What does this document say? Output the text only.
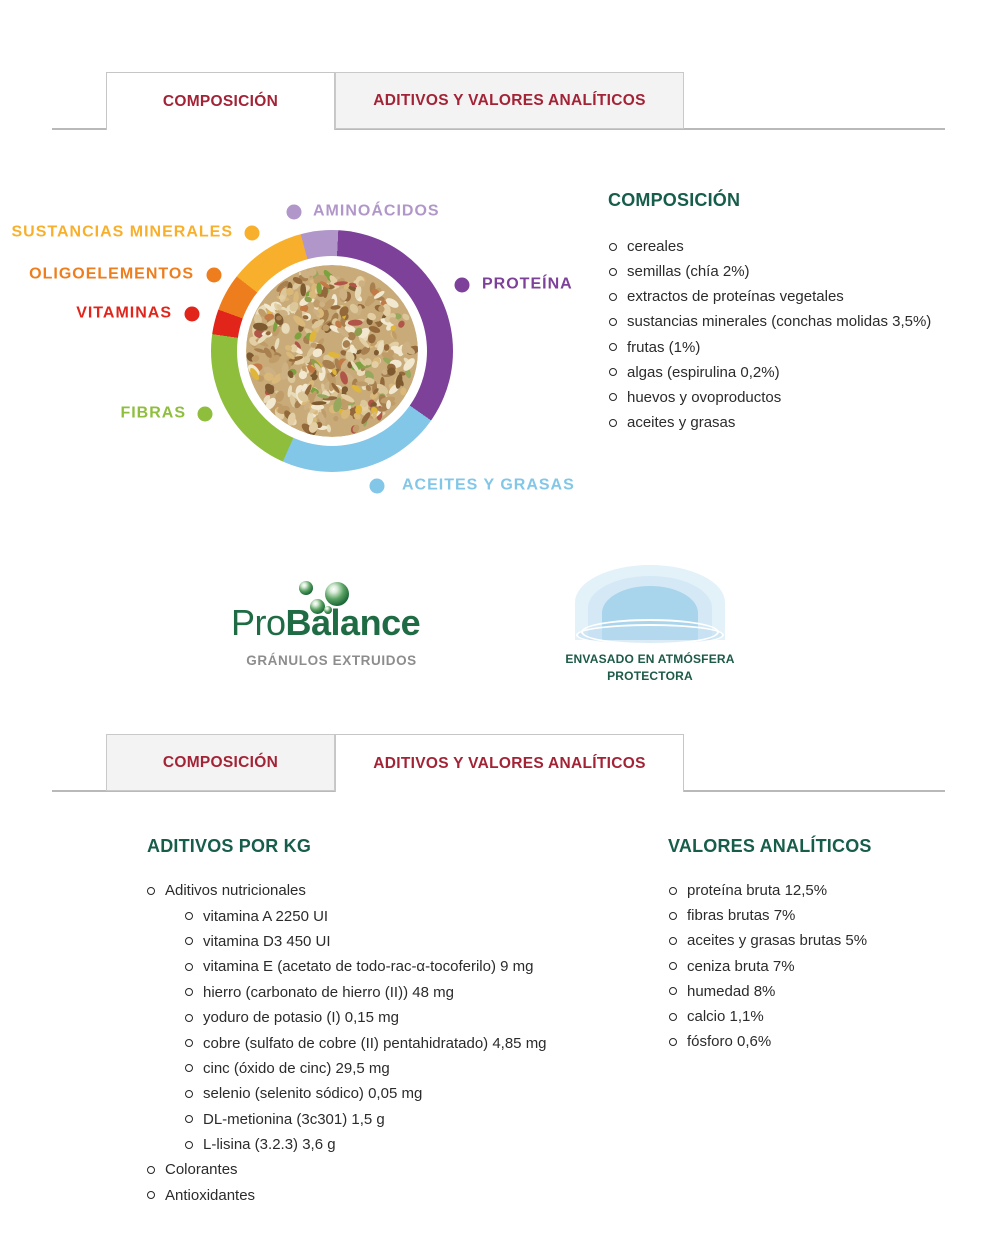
COMPOSICIÓN	ADITIVOS Y VALORES ANALÍTICOS
AMINOÁCIDOS
SUSTANCIAS MINERALES
OLIGOELEMENTOS
VITAMINAS
FIBRAS
PROTEÍNA
ACEITES Y GRASAS
COMPOSICIÓN
cereales
semillas (chía 2%)
extractos de proteínas vegetales
sustancias minerales (conchas molidas 3,5%)
frutas (1%)
algas (espirulina 0,2%)
huevos y ovoproductos
aceites y grasas
ProBalance
GRÁNULOS EXTRUIDOS	ENVASADO EN ATMÓSFERA
PROTECTORA
COMPOSICIÓN	ADITIVOS Y VALORES ANALÍTICOS
ADITIVOS POR KG
Aditivos nutricionales
vitamina A 2250 UI
vitamina D3 450 UI
vitamina E (acetato de todo-rac-α-tocoferilo) 9 mg
hierro (carbonato de hierro (II)) 48 mg
yoduro de potasio (I) 0,15 mg
cobre (sulfato de cobre (II) pentahidratado) 4,85 mg
cinc (óxido de cinc) 29,5 mg
selenio (selenito sódico) 0,05 mg
DL-metionina (3c301) 1,5 g
L-lisina (3.2.3) 3,6 g
Colorantes
Antioxidantes
VALORES ANALÍTICOS
proteína bruta 12,5%
fibras brutas 7%
aceites y grasas brutas 5%
ceniza bruta 7%
humedad 8%
calcio 1,1%
fósforo 0,6%
